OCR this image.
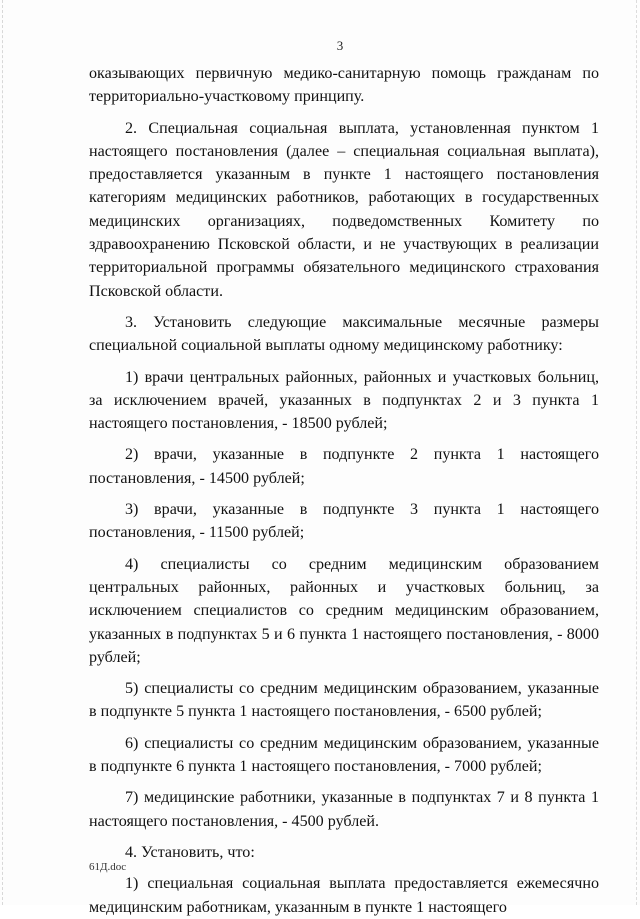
3

оказывающих первичную медико-санитарную помощь гражданам по территориально-участковому принципу.

2. Специальная социальная выплата, установленная пунктом 1 настоящего постановления (далее – специальная социальная выплата), предоставляется указанным в пункте 1 настоящего постановления категориям медицинских работников, работающих в государственных медицинских организациях, подведомственных Комитету по здравоохранению Псковской области, и не участвующих в реализации территориальной программы обязательного медицинского страхования Псковской области.

3. Установить следующие максимальные месячные размеры специальной социальной выплаты одному медицинскому работнику:

1) врачи центральных районных, районных и участковых больниц, за исключением врачей, указанных в подпунктах 2 и 3 пункта 1 настоящего постановления, - 18500 рублей;

2) врачи, указанные в подпункте 2 пункта 1 настоящего постановления, - 14500 рублей;

3) врачи, указанные в подпункте 3 пункта 1 настоящего постановления, - 11500 рублей;

4) специалисты со средним медицинским образованием центральных районных, районных и участковых больниц, за исключением специалистов со средним медицинским образованием, указанных в подпунктах 5 и 6 пункта 1 настоящего постановления, - 8000 рублей;

5) специалисты со средним медицинским образованием, указанные в подпункте 5 пункта 1 настоящего постановления, - 6500 рублей;

6) специалисты со средним медицинским образованием, указанные в подпункте 6 пункта 1 настоящего постановления, - 7000 рублей;

7) медицинские работники, указанные в подпунктах 7 и 8 пункта 1 настоящего постановления, - 4500 рублей.

4. Установить, что:

1) специальная социальная выплата предоставляется ежемесячно медицинским работникам, указанным в пункте 1 настоящего

61Д.doc
